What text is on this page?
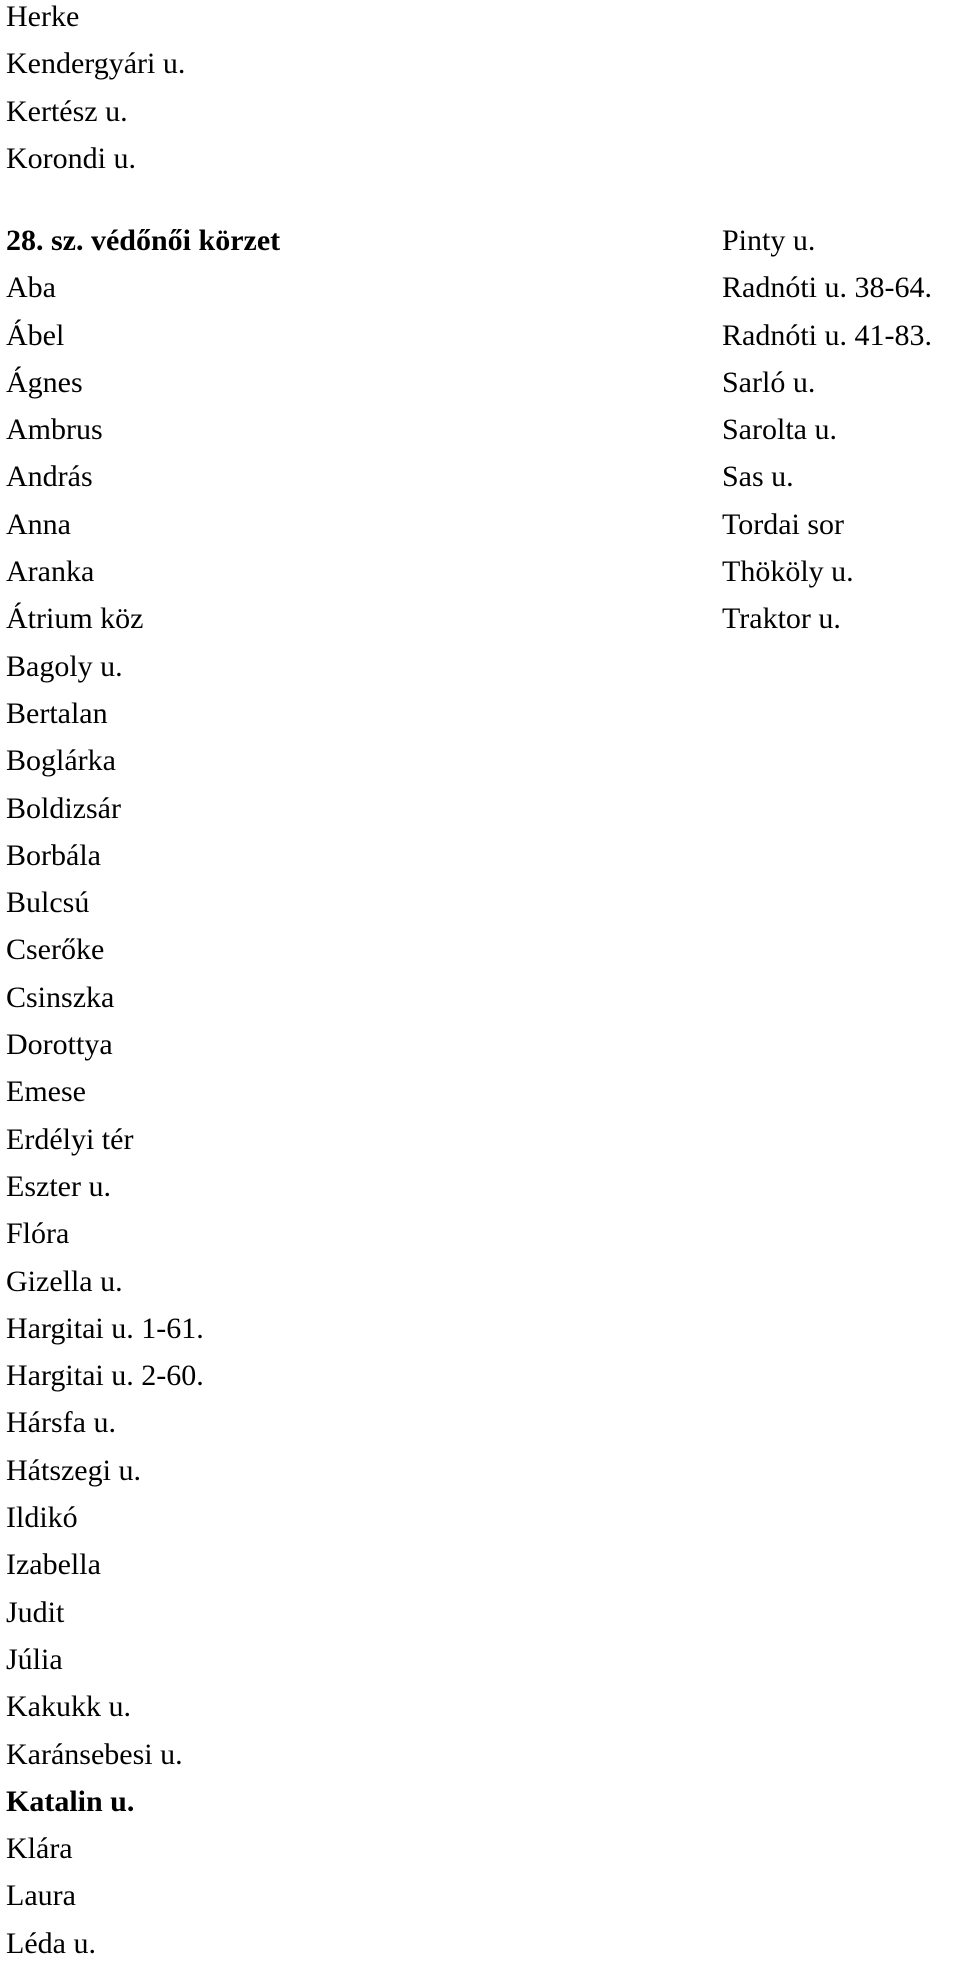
Herke
Kendergyári u.
Kertész u.
Korondi u.
28. sz. védőnői körzet
Aba
Ábel
Ágnes
Ambrus
András
Anna
Aranka
Átrium köz
Bagoly u.
Bertalan
Boglárka
Boldizsár
Borbála
Bulcsú
Cserőke
Csinszka
Dorottya
Emese
Erdélyi tér
Eszter u.
Flóra
Gizella u.
Hargitai u. 1-61.
Hargitai u. 2-60.
Hársfa u.
Hátszegi u.
Ildikó
Izabella
Judit
Júlia
Kakukk u.
Karánsebesi u.
Katalin u.
Klára
Laura
Léda u.
Pinty u.
Radnóti u. 38-64.
Radnóti u. 41-83.
Sarló u.
Sarolta u.
Sas u.
Tordai sor
Thököly u.
Traktor u.
